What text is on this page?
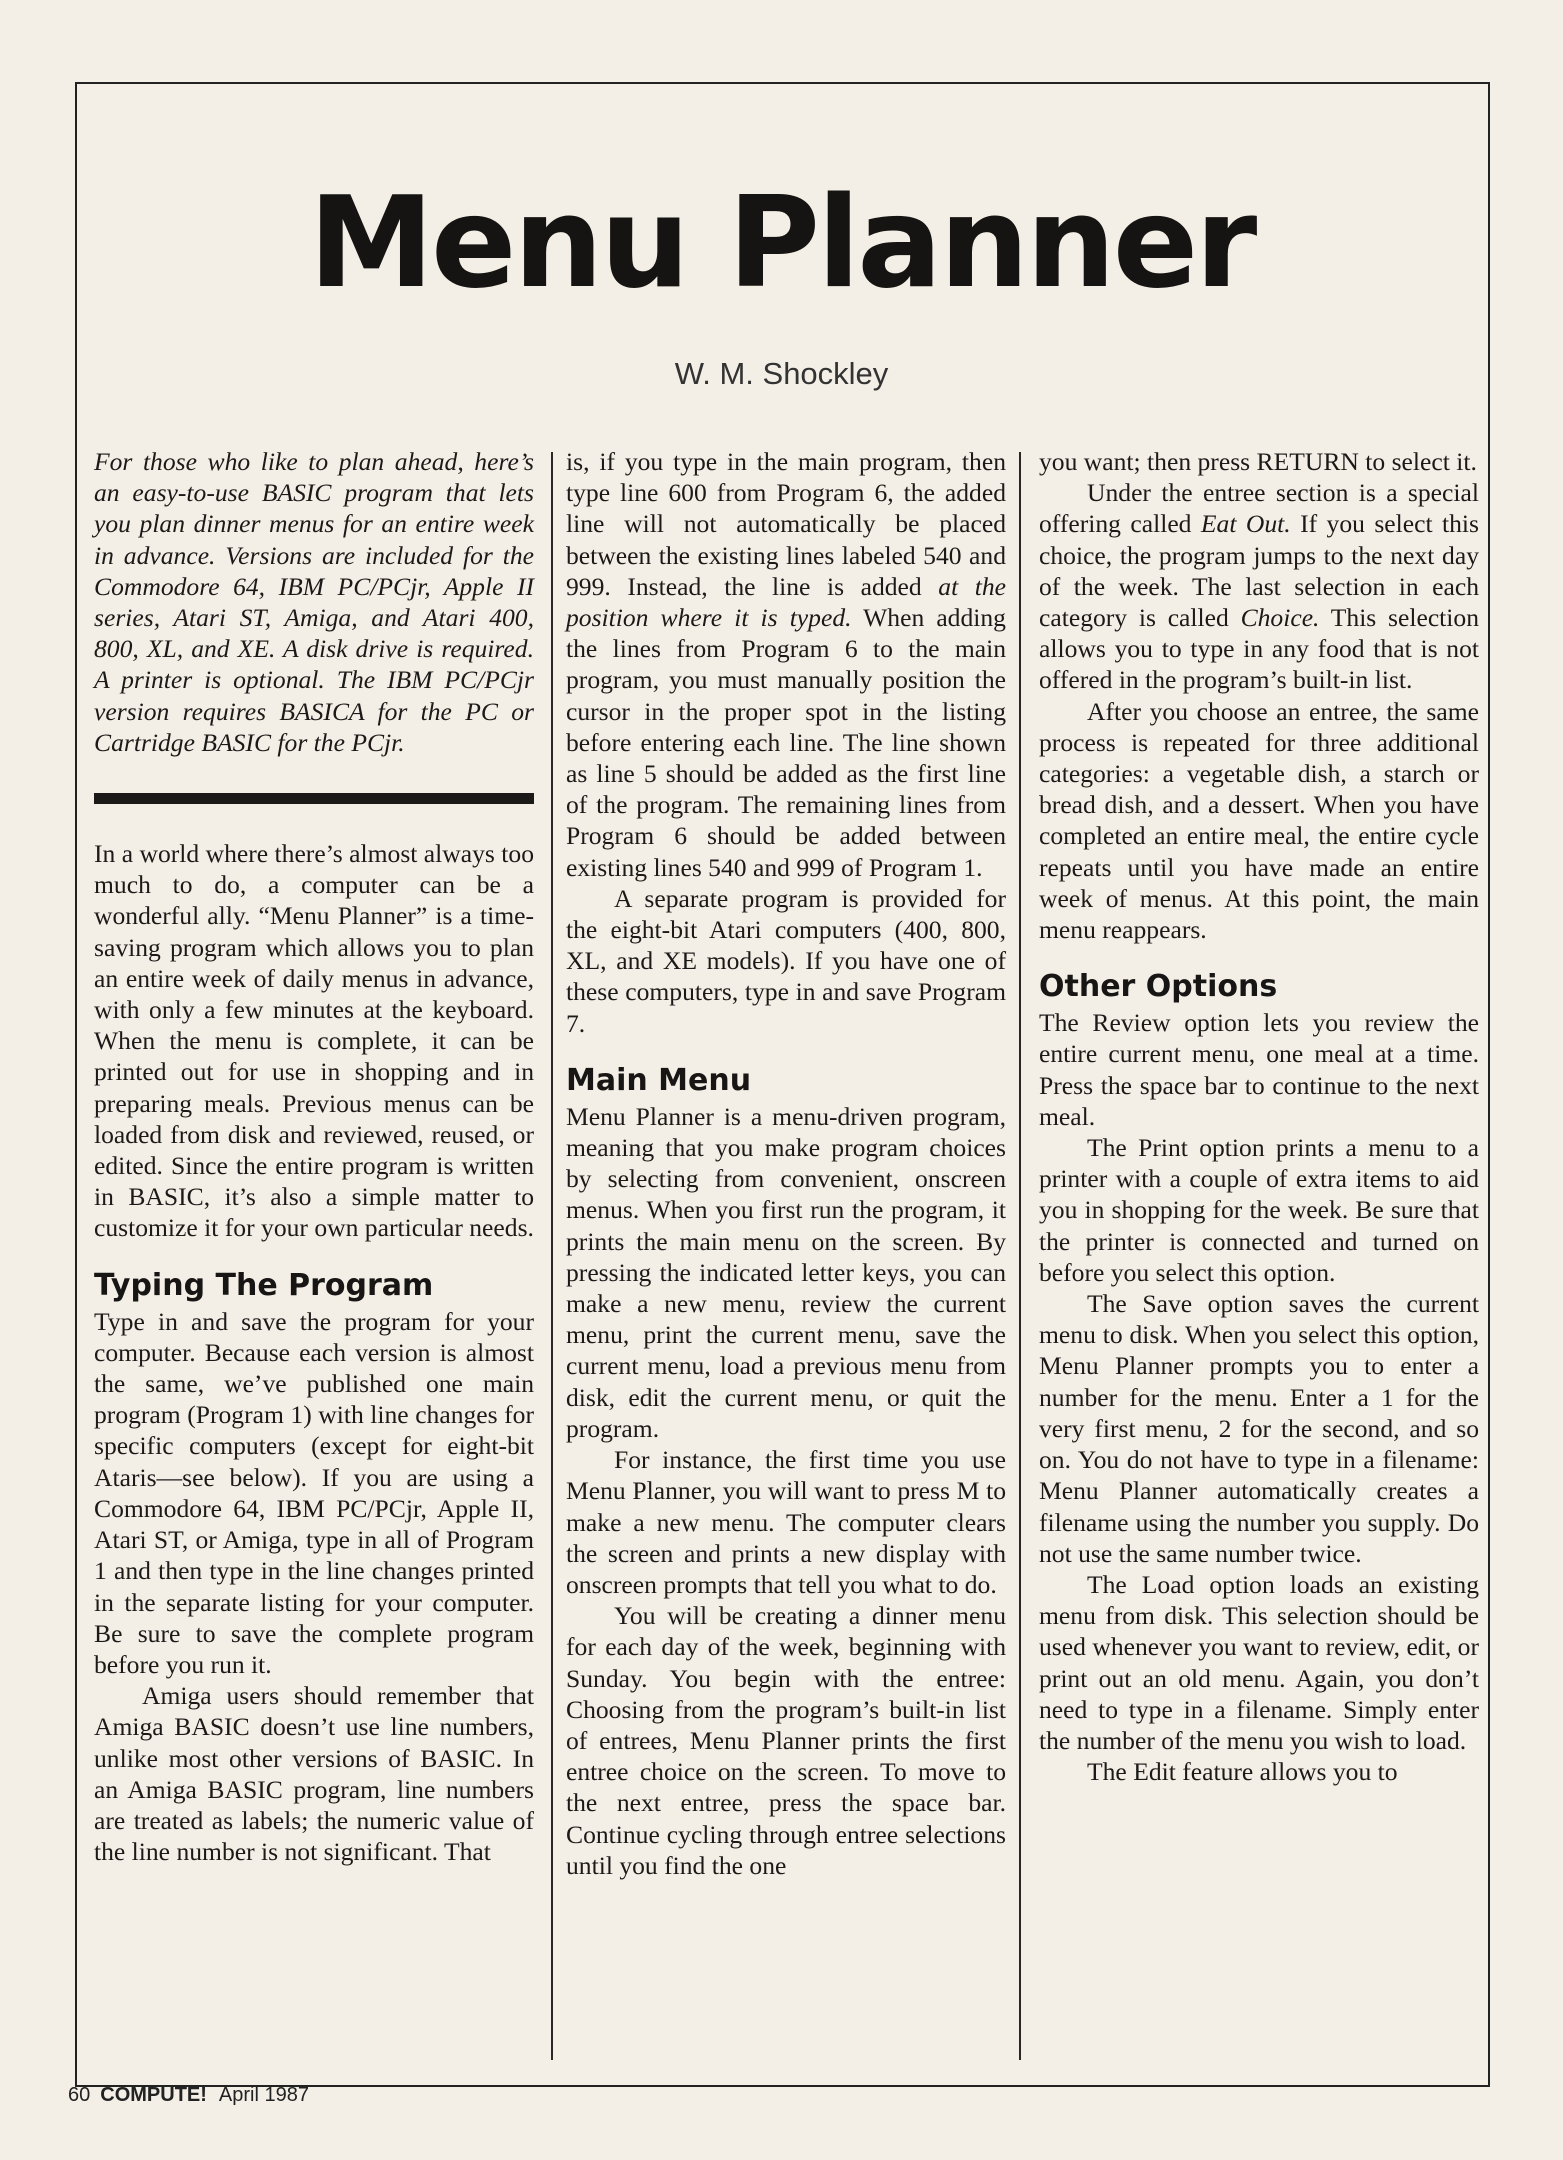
Menu Planner
W. M. Shockley

For those who like to plan ahead, here’s an easy-to-use BASIC program that lets you plan dinner menus for an entire week in advance. Versions are included for the Commodore 64, IBM PC/PCjr, Apple II series, Atari ST, Amiga, and Atari 400, 800, XL, and XE. A disk drive is required. A printer is optional. The IBM PC/PCjr version requires BASICA for the PC or Cartridge BASIC for the PCjr.

In a world where there’s almost always too much to do, a computer can be a wonderful ally. “Menu Planner” is a time-saving program which allows you to plan an entire week of daily menus in advance, with only a few minutes at the keyboard. When the menu is complete, it can be printed out for use in shopping and in preparing meals. Previous menus can be loaded from disk and reviewed, reused, or edited. Since the entire program is written in BASIC, it’s also a simple matter to customize it for your own particular needs.

Typing The Program

Type in and save the program for your computer. Because each version is almost the same, we’ve published one main program (Program 1) with line changes for specific computers (except for eight-bit Ataris—see below). If you are using a Commodore 64, IBM PC/PCjr, Apple II, Atari ST, or Amiga, type in all of Program 1 and then type in the line changes printed in the separate listing for your computer. Be sure to save the complete program before you run it.

Amiga users should remember that Amiga BASIC doesn’t use line numbers, unlike most other versions of BASIC. In an Amiga BASIC program, line numbers are treated as labels; the numeric value of the line number is not significant. That

is, if you type in the main program, then type line 600 from Program 6, the added line will not automatically be placed between the existing lines labeled 540 and 999. Instead, the line is added at the position where it is typed. When adding the lines from Program 6 to the main program, you must manually position the cursor in the proper spot in the listing before entering each line. The line shown as line 5 should be added as the first line of the program. The remaining lines from Program 6 should be added between existing lines 540 and 999 of Program 1.

A separate program is provided for the eight-bit Atari computers (400, 800, XL, and XE models). If you have one of these computers, type in and save Program 7.

Main Menu

Menu Planner is a menu-driven program, meaning that you make program choices by selecting from convenient, onscreen menus. When you first run the program, it prints the main menu on the screen. By pressing the indicated letter keys, you can make a new menu, review the current menu, print the current menu, save the current menu, load a previous menu from disk, edit the current menu, or quit the program.

For instance, the first time you use Menu Planner, you will want to press M to make a new menu. The computer clears the screen and prints a new display with onscreen prompts that tell you what to do.

You will be creating a dinner menu for each day of the week, beginning with Sunday. You begin with the entree: Choosing from the program’s built-in list of entrees, Menu Planner prints the first entree choice on the screen. To move to the next entree, press the space bar. Continue cycling through entree selections until you find the one

you want; then press RETURN to select it.

Under the entree section is a special offering called Eat Out. If you select this choice, the program jumps to the next day of the week. The last selection in each category is called Choice. This selection allows you to type in any food that is not offered in the program’s built-in list.

After you choose an entree, the same process is repeated for three additional categories: a vegetable dish, a starch or bread dish, and a dessert. When you have completed an entire meal, the entire cycle repeats until you have made an entire week of menus. At this point, the main menu reappears.

Other Options

The Review option lets you review the entire current menu, one meal at a time. Press the space bar to continue to the next meal.

The Print option prints a menu to a printer with a couple of extra items to aid you in shopping for the week. Be sure that the printer is connected and turned on before you select this option.

The Save option saves the current menu to disk. When you select this option, Menu Planner prompts you to enter a number for the menu. Enter a 1 for the very first menu, 2 for the second, and so on. You do not have to type in a filename: Menu Planner automatically creates a filename using the number you supply. Do not use the same number twice.

The Load option loads an existing menu from disk. This selection should be used whenever you want to review, edit, or print out an old menu. Again, you don’t need to type in a filename. Simply enter the number of the menu you wish to load.

The Edit feature allows you to

60 COMPUTE! April 1987
